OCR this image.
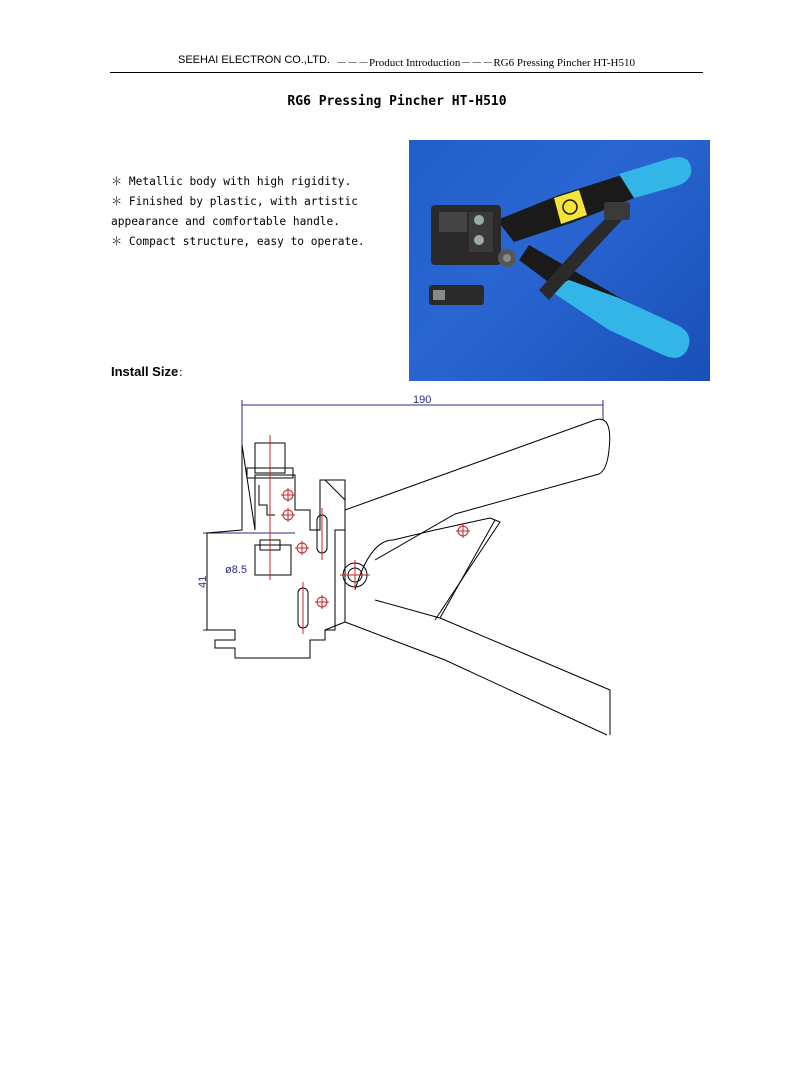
SEEHAI ELECTRON CO.,LTD. －－－Product Introduction－－－RG6 Pressing Pincher HT-H510
RG6 Pressing Pincher HT-H510
＊ Metallic body with high rigidity.
＊ Finished by plastic, with artistic
appearance and comfortable handle.
＊ Compact structure, easy to operate.
Install Size：
190
41
ø8.5
